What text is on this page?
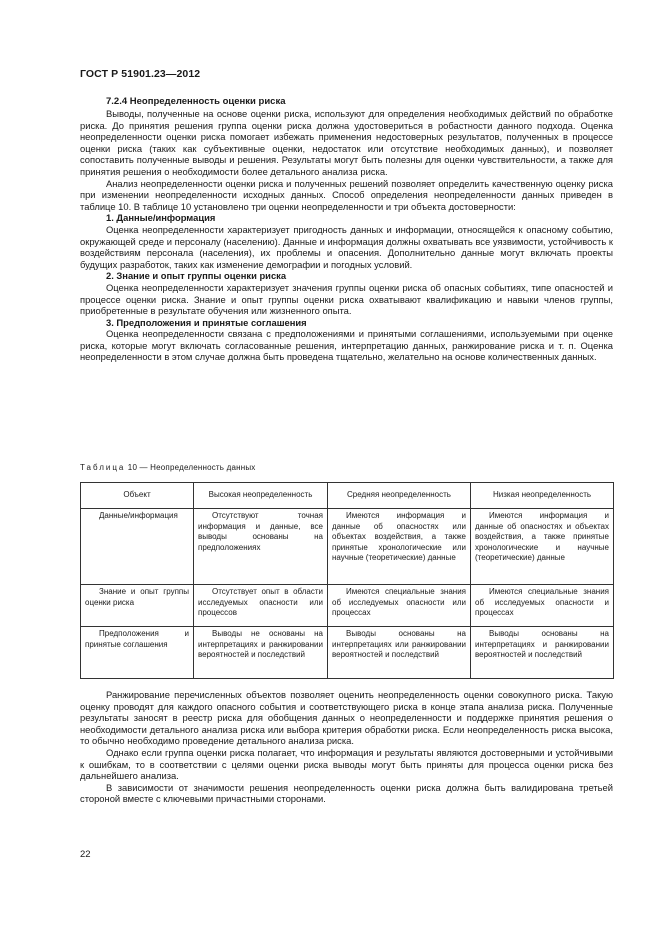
ГОСТ Р 51901.23—2012
7.2.4 Неопределенность оценки риска

Выводы, полученные на основе оценки риска, используют для определения необходимых действий по обработке риска. До принятия решения группа оценки риска должна удостовериться в робастности данного подхода. Оценка неопределенности оценки риска помогает избежать применения недостоверных результатов, полученных в процессе оценки риска (таких как субъективные оценки, недостаток или отсутствие необходимых данных), и позволяет сопоставить полученные выводы и решения. Результаты могут быть полезны для оценки чувствительности, а также для принятия решения о необходимости более детального анализа риска.

Анализ неопределенности оценки риска и полученных решений позволяет определить качественную оценку риска при изменении неопределенности исходных данных. Способ определения неопределенности данных приведен в таблице 10. В таблице 10 установлено три оценки неопределенности и три объекта достоверности:

1. Данные/информация

Оценка неопределенности характеризует пригодность данных и информации, относящейся к опасному событию, окружающей среде и персоналу (населению). Данные и информация должны охватывать все уязвимости, устойчивость к воздействиям персонала (населения), их проблемы и опасения. Дополнительно данные могут включать проекты будущих разработок, таких как изменение демографии и погодных условий.

2. Знание и опыт группы оценки риска

Оценка неопределенности характеризует значения группы оценки риска об опасных событиях, типе опасностей и процессе оценки риска. Знание и опыт группы оценки риска охватывают квалификацию и навыки членов группы, приобретенные в результате обучения или жизненного опыта.

3. Предположения и принятые соглашения

Оценка неопределенности связана с предположениями и принятыми соглашениями, используемыми при оценке риска, которые могут включать согласованные решения, интерпретацию данных, ранжирование риска и т. п. Оценка неопределенности в этом случае должна быть проведена тщательно, желательно на основе количественных данных.

Таблица 10 — Неопределенность данных
Объект	Высокая неопределенность	Средняя неопределенность	Низкая неопределенность
Данные/информация	Отсутствуют точная информация и данные, все выводы основаны на предположениях	Имеются информация и данные об опасностях или объектах воздействия, а также принятые хронологические или научные (теоретические) данные	Имеются информация и данные об опасностях и объектах воздействия, а также принятые хронологические и научные (теоретические) данные
Знание и опыт группы оценки риска	Отсутствует опыт в области исследуемых опасности или процессов	Имеются специальные знания об исследуемых опасности или процессах	Имеются специальные знания об исследуемых опасности и процессах
Предположения и принятые соглашения	Выводы не основаны на интерпретациях и ранжировании вероятностей и последствий	Выводы основаны на интерпретациях или ранжировании вероятностей и последствий	Выводы основаны на интерпретациях и ранжировании вероятностей и последствий

Ранжирование перечисленных объектов позволяет оценить неопределенность оценки совокупного риска. Такую оценку проводят для каждого опасного события и соответствующего риска в конце этапа анализа риска. Полученные результаты заносят в реестр риска для обобщения данных о неопределенности и поддержке принятия решения о необходимости детального анализа риска или выбора критерия обработки риска. Если неопределенность риска высока, то обычно необходимо проведение детального анализа риска.

Однако если группа оценки риска полагает, что информация и результаты являются достоверными и устойчивыми к ошибкам, то в соответствии с целями оценки риска выводы могут быть приняты для процесса оценки риска без дальнейшего анализа.

В зависимости от значимости решения неопределенность оценки риска должна быть валидирована третьей стороной вместе с ключевыми причастными сторонами.

22
